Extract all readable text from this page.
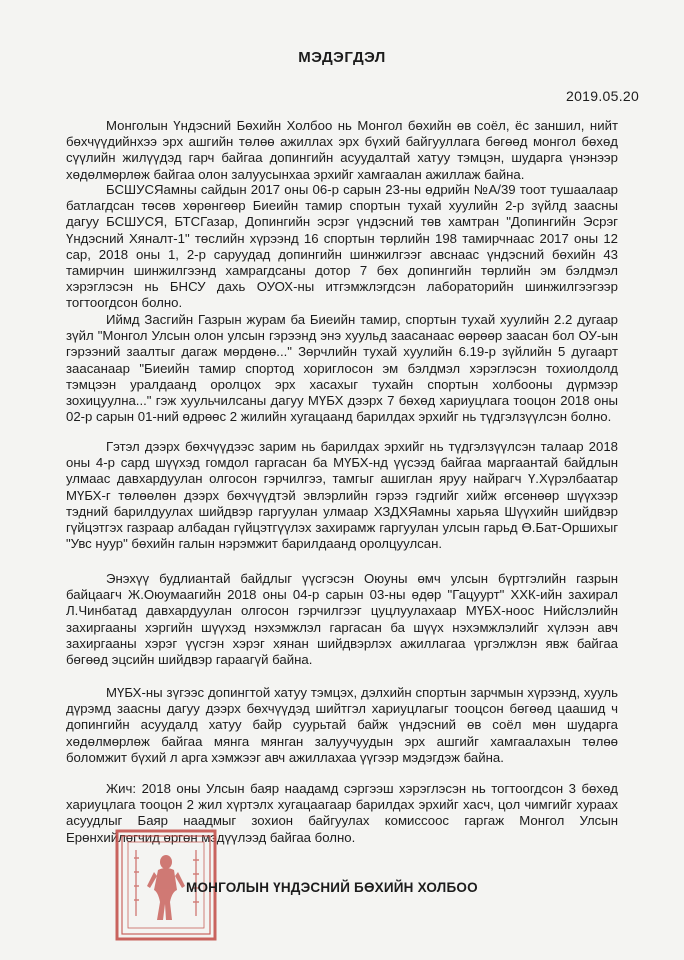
МЭДЭГДЭЛ
2019.05.20

Монголын Үндэсний Бөхийн Холбоо нь Монгол бөхийн өв соёл, ёс заншил, нийт бөхчүүдийнхээ эрх ашгийн төлөө ажиллах эрх бүхий байгууллага бөгөөд монгол бөхөд сүүлийн жилүүдэд гарч байгаа допингийн асуудалтай хатуу тэмцэн, шударга үнэнээр хөдөлмөрлөж байгаа олон залуусынхаа эрхийг хамгаалан ажиллаж байна.

БСШУСЯамны сайдын 2017 оны 06-р сарын 23-ны өдрийн №А/39 тоот тушаалаар батлагдсан төсөв хөрөнгөөр Биеийн тамир спортын тухай хуулийн 2-р зүйлд заасны дагуу БСШУСЯ, БТСГазар, Допингийн эсрэг үндэсний төв хамтран "Допингийн Эсрэг Үндэсний Хяналт-1" төслийн хүрээнд 16 спортын төрлийн 198 тамирчнаас 2017 оны 12 сар, 2018 оны 1, 2-р саруудад допингийн шинжилгээг авснаас үндэсний бөхийн 43 тамирчин шинжилгээнд хамрагдсаны дотор 7 бөх допингийн төрлийн эм бэлдмэл хэрэглэсэн нь БНСУ дахь ОУОХ-ны итгэмжлэгдсэн лабораторийн шинжилгээгээр тогтоогдсон болно.

Иймд Засгийн Газрын журам ба Биеийн тамир, спортын тухай хуулийн 2.2 дугаар зүйл "Монгол Улсын олон улсын гэрээнд энэ хуульд заасанаас өөрөөр заасан бол ОУ-ын гэрээний заалтыг дагаж мөрдөнө..." Зөрчлийн тухай хуулийн 6.19-р зүйлийн 5 дугаарт заасанаар "Биеийн тамир спортод хориглосон эм бэлдмэл хэрэглэсэн тохиолдолд тэмцээн уралдаанд оролцох эрх хасахыг тухайн спортын холбооны дүрмээр зохицуулна..." гэж хуульчилсаны дагуу МҮБХ дээрх 7 бөхөд хариуцлага тооцон 2018 оны 02-р сарын 01-ний өдрөөс 2 жилийн хугацаанд барилдах эрхийг нь түдгэлзүүлсэн болно.

Гэтэл дээрх бөхчүүдээс зарим нь барилдах эрхийг нь түдгэлзүүлсэн талаар 2018 оны 4-р сард шүүхэд гомдол гаргасан ба МҮБХ-нд үүсээд байгаа маргаантай байдлын улмаас давхардуулан олгосон гэрчилгээ, тамгыг ашиглан яруу найрагч Ү.Хүрэлбаатар МҮБХ-г төлөөлөн дээрх бөхчүүдтэй эвлэрлийн гэрээ гэдгийг хийж өгсөнөөр шүүхээр тэдний барилдуулах шийдвэр гаргуулан улмаар ХЗДХЯамны харьяа Шүүхийн шийдвэр гүйцэтгэх газраар албадан гүйцэтгүүлэх захирамж гаргуулан улсын гарьд Ө.Бат-Оршихыг "Увс нуур" бөхийн галын нэрэмжит барилдаанд оролцуулсан.

Энэхүү будлиантай байдлыг үүсгэсэн Оюуны өмч улсын бүртгэлийн газрын байцаагч Ж.Оюумаагийн 2018 оны 04-р сарын 03-ны өдөр "Гацуурт" ХХК-ийн захирал Л.Чинбатад давхардуулан олгосон гэрчилгээг цуцлуулахаар МҮБХ-ноос Нийслэлийн захиргааны хэргийн шүүхэд нэхэмжлэл гаргасан ба шүүх нэхэмжлэлийг хүлээн авч захиргааны хэрэг үүсгэн хэрэг хянан шийдвэрлэх ажиллагаа үргэлжлэн явж байгаа бөгөөд эцсийн шийдвэр гараагүй байна.

МҮБХ-ны зүгээс допингтой хатуу тэмцэх, дэлхийн спортын зарчмын хүрээнд, хууль дүрэмд заасны дагуу дээрх бөхчүүдэд шийтгэл хариуцлагыг тооцсон бөгөөд цаашид ч допингийн асуудалд хатуу байр суурьтай байж үндэсний өв соёл мөн шударга хөдөлмөрлөж байгаа мянга мянган залуучуудын эрх ашгийг хамгаалахын төлөө боломжит бүхий л арга хэмжээг авч ажиллахаа үүгээр мэдэгдэж байна.

Жич: 2018 оны Улсын баяр наадамд сэргээш хэрэглэсэн нь тогтоогдсон 3 бөхөд хариуцлага тооцон 2 жил хүртэлх хугацаагаар барилдах эрхийг хасч, цол чимгийг хураах асуудлыг Баяр наадмыг зохион байгуулах комиссоос гаргаж Монгол Улсын Ерөнхийлөгчид өргөн мэдүүлээд байгаа болно.

МОНГОЛЫН ҮНДЭСНИЙ БӨХИЙН ХОЛБОО
